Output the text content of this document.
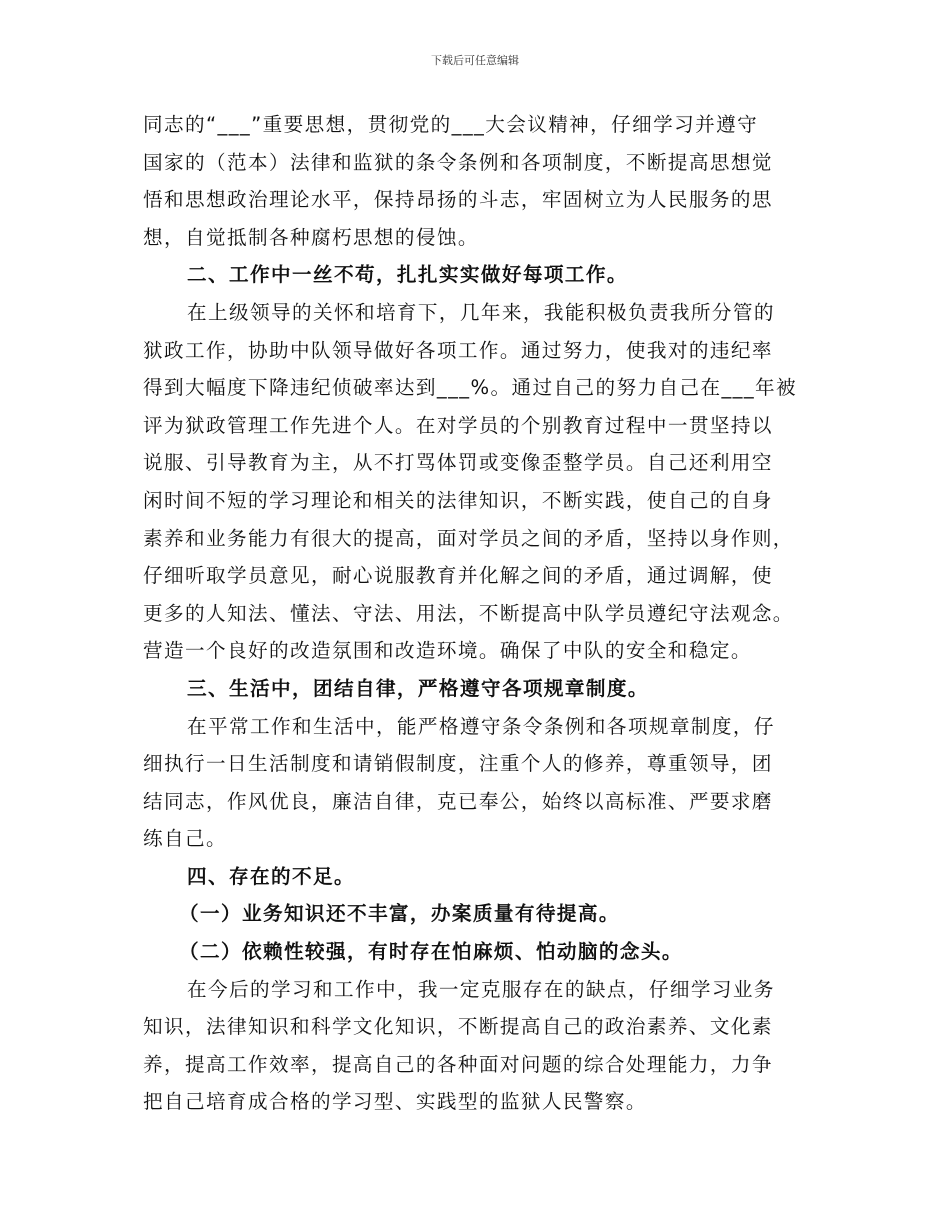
下载后可任意编辑
同志的“___”重要思想，贯彻党的___大会议精神，仔细学习并遵守
国家的（范本）法律和监狱的条令条例和各项制度，不断提高思想觉
悟和思想政治理论水平，保持昂扬的斗志，牢固树立为人民服务的思
想，自觉抵制各种腐朽思想的侵蚀。
二、工作中一丝不苟，扎扎实实做好每项工作。
在上级领导的关怀和培育下，几年来，我能积极负责我所分管的
狱政工作，协助中队领导做好各项工作。通过努力，使我对的违纪率
得到大幅度下降违纪侦破率达到___%。通过自己的努力自己在___年被
评为狱政管理工作先进个人。在对学员的个别教育过程中一贯坚持以
说服、引导教育为主，从不打骂体罚或变像歪整学员。自己还利用空
闲时间不短的学习理论和相关的法律知识，不断实践，使自己的自身
素养和业务能力有很大的提高，面对学员之间的矛盾，坚持以身作则，
仔细听取学员意见，耐心说服教育并化解之间的矛盾，通过调解，使
更多的人知法、懂法、守法、用法，不断提高中队学员遵纪守法观念。
营造一个良好的改造氛围和改造环境。确保了中队的安全和稳定。
三、生活中，团结自律，严格遵守各项规章制度。
在平常工作和生活中，能严格遵守条令条例和各项规章制度，仔
细执行一日生活制度和请销假制度，注重个人的修养，尊重领导，团
结同志，作风优良，廉洁自律，克已奉公，始终以高标准、严要求磨
练自己。
四、存在的不足。
（一）业务知识还不丰富，办案质量有待提高。
（二）依赖性较强，有时存在怕麻烦、怕动脑的念头。
在今后的学习和工作中，我一定克服存在的缺点，仔细学习业务
知识，法律知识和科学文化知识，不断提高自己的政治素养、文化素
养，提高工作效率，提高自己的各种面对问题的综合处理能力，力争
把自己培育成合格的学习型、实践型的监狱人民警察。
